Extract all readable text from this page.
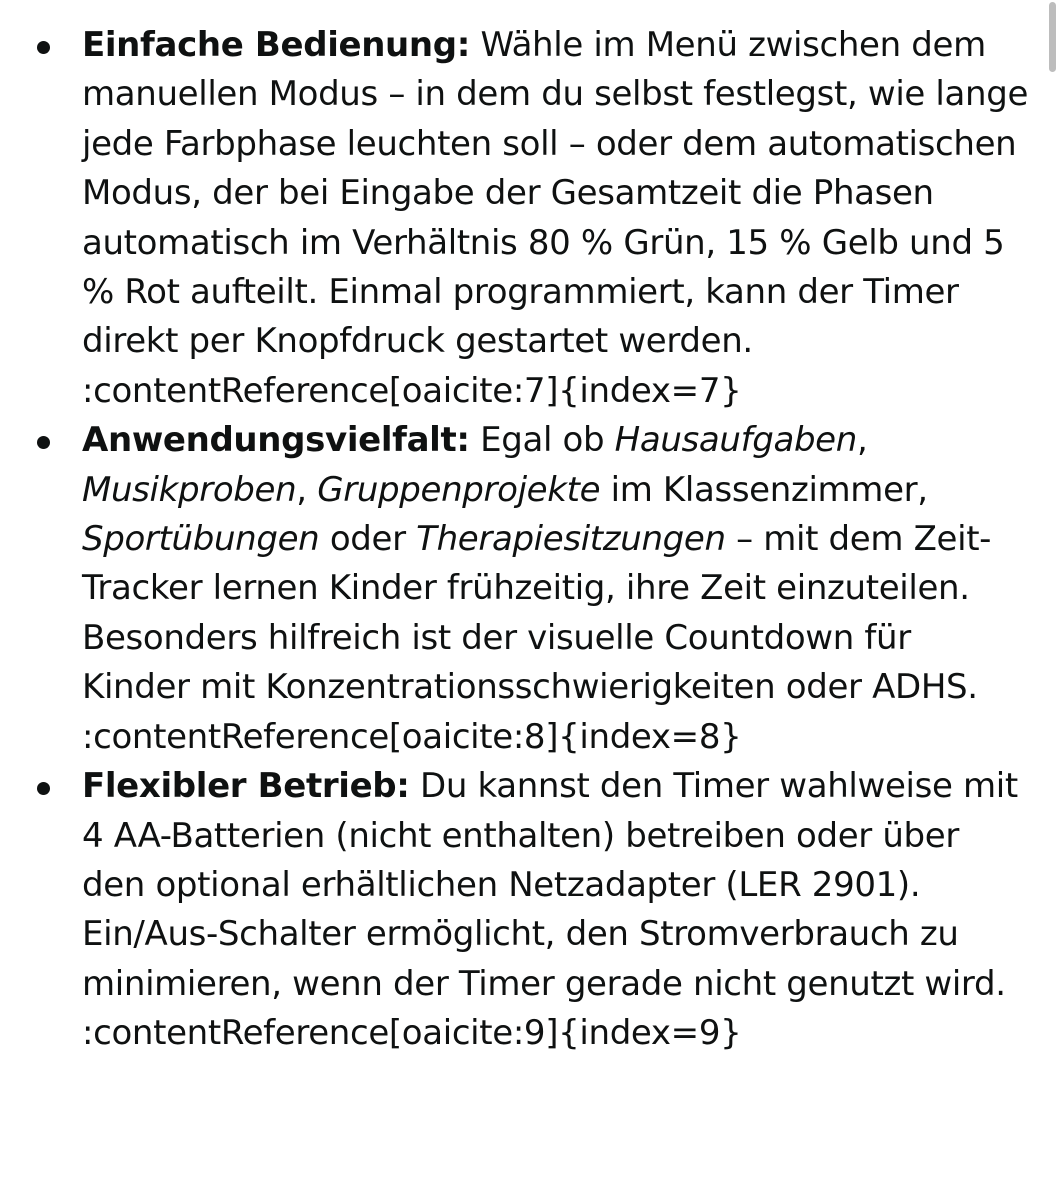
Einfache Bedienung: Wähle im Menü zwischen dem manuellen Modus – in dem du selbst festlegst, wie lange jede Farbphase leuchten soll – oder dem automatischen Modus, der bei Eingabe der Gesamtzeit die Phasen automatisch im Verhältnis 80 % Grün, 15 % Gelb und 5 % Rot aufteilt. Einmal programmiert, kann der Timer direkt per Knopfdruck gestartet werden.
:contentReference[oaicite:7]{index=7}
Anwendungsvielfalt: Egal ob Hausaufgaben, Musikproben, Gruppenprojekte im Klassenzimmer, Sportübungen oder Therapiesitzungen – mit dem Zeit-Tracker lernen Kinder frühzeitig, ihre Zeit einzuteilen. Besonders hilfreich ist der visuelle Countdown für Kinder mit Konzentrationsschwierigkeiten oder ADHS.
:contentReference[oaicite:8]{index=8}
Flexibler Betrieb: Du kannst den Timer wahlweise mit 4 AA-Batterien (nicht enthalten) betreiben oder über den optional erhältlichen Netzadapter (LER 2901). Ein/Aus-Schalter ermöglicht, den Stromverbrauch zu minimieren, wenn der Timer gerade nicht genutzt wird.
:contentReference[oaicite:9]{index=9}
